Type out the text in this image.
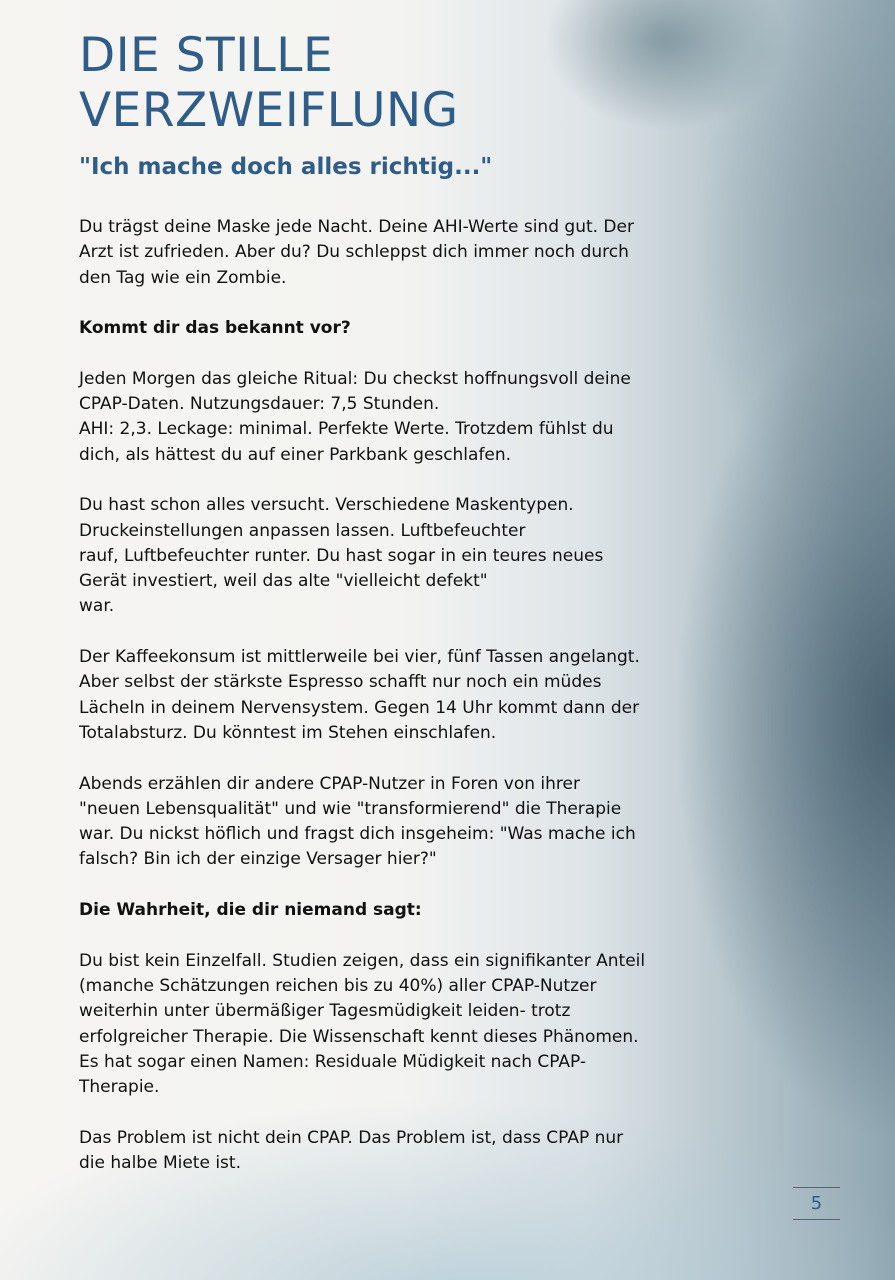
DIE STILLE
VERZWEIFLUNG
"Ich mache doch alles richtig..."

Du trägst deine Maske jede Nacht. Deine AHI-Werte sind gut. Der
Arzt ist zufrieden. Aber du? Du schleppst dich immer noch durch
den Tag wie ein Zombie.

Kommt dir das bekannt vor?

Jeden Morgen das gleiche Ritual: Du checkst hoffnungsvoll deine
CPAP-Daten. Nutzungsdauer: 7,5 Stunden.
AHI: 2,3. Leckage: minimal. Perfekte Werte. Trotzdem fühlst du
dich, als hättest du auf einer Parkbank geschlafen.

Du hast schon alles versucht. Verschiedene Maskentypen.
Druckeinstellungen anpassen lassen. Luftbefeuchter
rauf, Luftbefeuchter runter. Du hast sogar in ein teures neues
Gerät investiert, weil das alte "vielleicht defekt"
war.

Der Kaffeekonsum ist mittlerweile bei vier, fünf Tassen angelangt.
Aber selbst der stärkste Espresso schafft nur noch ein müdes
Lächeln in deinem Nervensystem. Gegen 14 Uhr kommt dann der
Totalabsturz. Du könntest im Stehen einschlafen.

Abends erzählen dir andere CPAP-Nutzer in Foren von ihrer
"neuen Lebensqualität" und wie "transformierend" die Therapie
war. Du nickst höflich und fragst dich insgeheim: "Was mache ich
falsch? Bin ich der einzige Versager hier?"

Die Wahrheit, die dir niemand sagt:

Du bist kein Einzelfall. Studien zeigen, dass ein signifikanter Anteil
(manche Schätzungen reichen bis zu 40%) aller CPAP-Nutzer
weiterhin unter übermäßiger Tagesmüdigkeit leiden- trotz
erfolgreicher Therapie. Die Wissenschaft kennt dieses Phänomen.
Es hat sogar einen Namen: Residuale Müdigkeit nach CPAP-
Therapie.

Das Problem ist nicht dein CPAP. Das Problem ist, dass CPAP nur
die halbe Miete ist.

5
